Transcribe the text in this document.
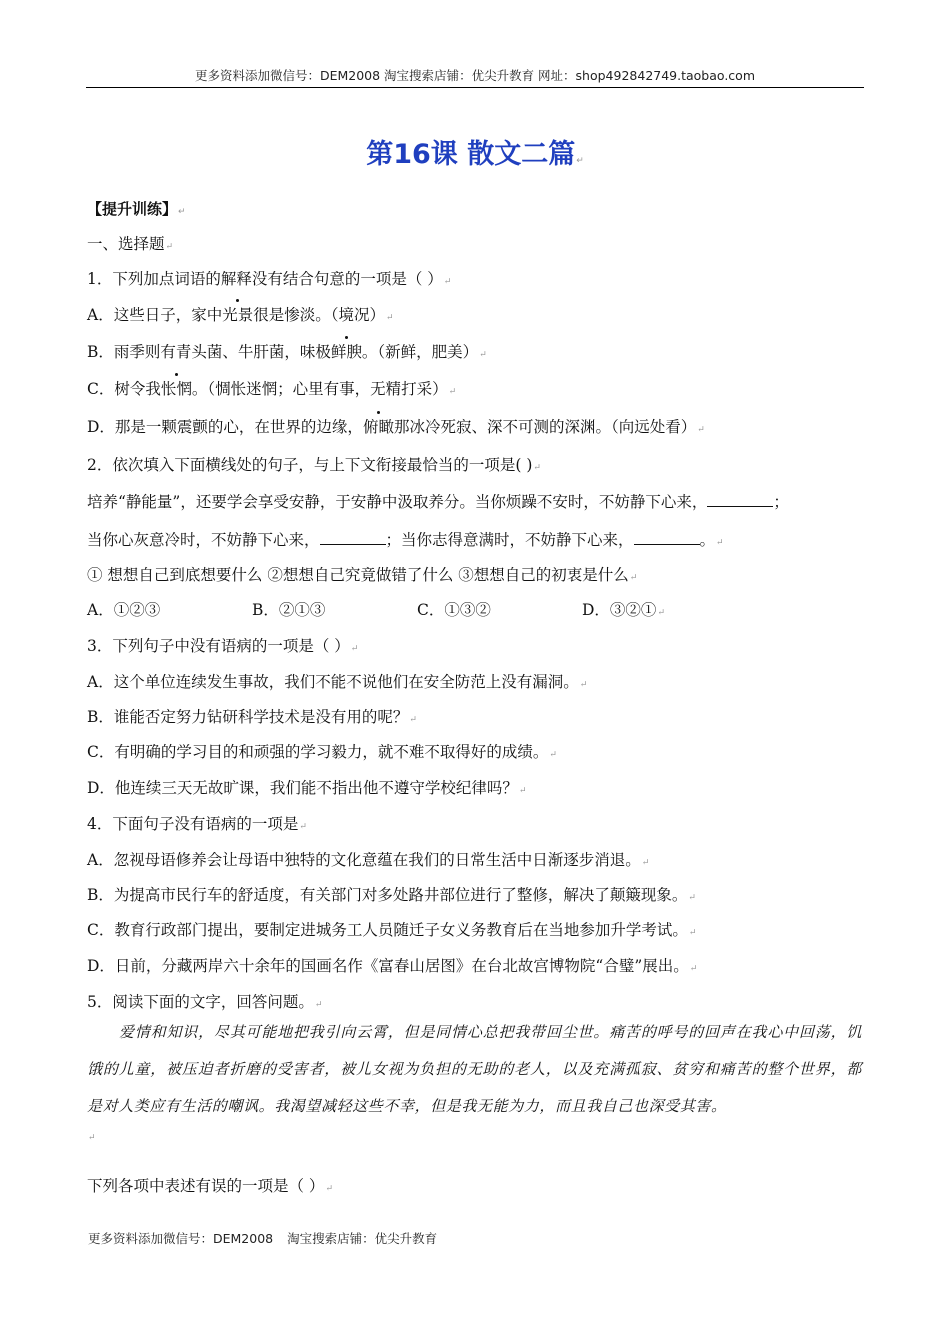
更多资料添加微信号：DEM2008 淘宝搜索店铺：优尖升教育 网址：shop492842749.taobao.com
第16课 散文二篇↵
【提升训练】↵
一、选择题↵
1．下列加点词语的解释没有结合句意的一项是（ ）↵
A．这些日子，家中光景很是惨淡。（境况）↵
B．雨季则有青头菌、牛肝菌，味极鲜腴。（新鲜，肥美）↵
C．树令我怅惘。（惆怅迷惘；心里有事，无精打采）↵
D．那是一颗震颤的心，在世界的边缘，俯瞰那冰冷死寂、深不可测的深渊。（向远处看）↵
2．依次填入下面横线处的句子，与上下文衔接最恰当的一项是( )↵
培养“静能量”，还要学会享受安静，于安静中汲取养分。当你烦躁不安时，不妨静下心来，	；
当你心灰意冷时，不妨静下心来，	；当你志得意满时，不妨静下心来，	。↵
① 想想自己到底想要什么 ②想想自己究竟做错了什么 ③想想自己的初衷是什么↵
A．①②③	B．②①③	C．①③②	D．③②①↵
3．下列句子中没有语病的一项是（ ）↵
A．这个单位连续发生事故，我们不能不说他们在安全防范上没有漏洞。↵
B．谁能否定努力钻研科学技术是没有用的呢？↵
C．有明确的学习目的和顽强的学习毅力，就不难不取得好的成绩。↵
D．他连续三天无故旷课，我们能不指出他不遵守学校纪律吗？↵
4．下面句子没有语病的一项是↵
A．忽视母语修养会让母语中独特的文化意蕴在我们的日常生活中日渐逐步消退。↵
B．为提高市民行车的舒适度，有关部门对多处路井部位进行了整修，解决了颠簸现象。↵
C．教育行政部门提出，要制定进城务工人员随迁子女义务教育后在当地参加升学考试。↵
D．日前，分藏两岸六十余年的国画名作《富春山居图》在台北故宫博物院“合璧”展出。↵
5．阅读下面的文字，回答问题。↵
爱情和知识，尽其可能地把我引向云霄，但是同情心总把我带回尘世。痛苦的呼号的回声在我心中回荡，饥饿的儿童，被压迫者折磨的受害者，被儿女视为负担的无助的老人，以及充满孤寂、贫穷和痛苦的整个世界，都是对人类应有生活的嘲讽。我渴望减轻这些不幸，但是我无能为力，而且我自己也深受其害。
↵
下列各项中表述有误的一项是（ ）↵
更多资料添加微信号：DEM2008 淘宝搜索店铺：优尖升教育
